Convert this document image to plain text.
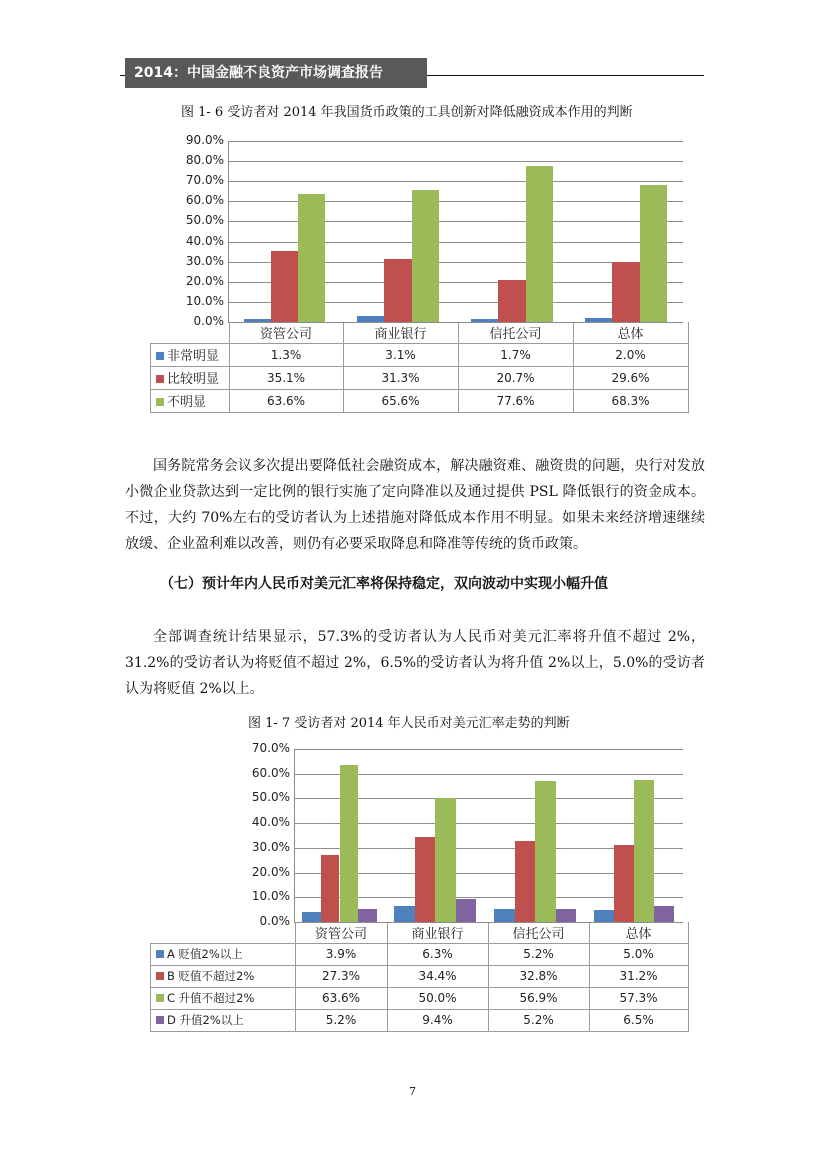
2014：中国金融不良资产市场调查报告
图 1- 6 受访者对 2014 年我国货币政策的工具创新对降低融资成本作用的判断
	资管公司	商业银行	信托公司	总体
非常明显	1.3%	3.1%	1.7%	2.0%
比较明显	35.1%	31.3%	20.7%	29.6%
不明显	63.6%	65.6%	77.6%	68.3%
国务院常务会议多次提出要降低社会融资成本，解决融资难、融资贵的问题，央行对发放小微企业贷款达到一定比例的银行实施了定向降准以及通过提供 PSL 降低银行的资金成本。不过，大约 70%左右的受访者认为上述措施对降低成本作用不明显。如果未来经济增速继续放缓、企业盈利难以改善，则仍有必要采取降息和降准等传统的货币政策。
（七）预计年内人民币对美元汇率将保持稳定，双向波动中实现小幅升值
全部调查统计结果显示，57.3%的受访者认为人民币对美元汇率将升值不超过 2%，31.2%的受访者认为将贬值不超过 2%，6.5%的受访者认为将升值 2%以上，5.0%的受访者认为将贬值 2%以上。
图 1- 7 受访者对 2014 年人民币对美元汇率走势的判断
	资管公司	商业银行	信托公司	总体
A 贬值2%以上	3.9%	6.3%	5.2%	5.0%
B 贬值不超过2%	27.3%	34.4%	32.8%	31.2%
C 升值不超过2%	63.6%	50.0%	56.9%	57.3%
D 升值2%以上	5.2%	9.4%	5.2%	6.5%
7
90.0%
80.0%
70.0%
60.0%
50.0%
40.0%
30.0%
20.0%
10.0%
0.0%
70.0%
60.0%
50.0%
40.0%
30.0%
20.0%
10.0%
0.0%
